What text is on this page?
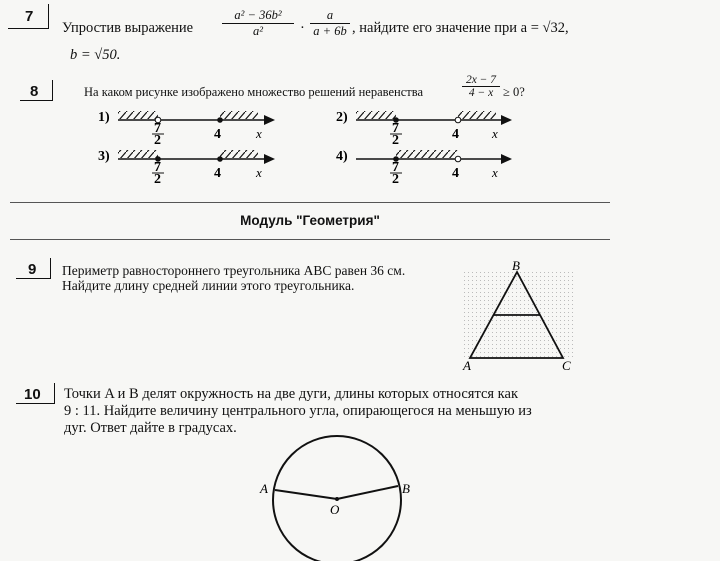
7
Упростив выражение $\frac{\text{a² − 36b²}}{\text{a²}} \cdot \frac{a}{a + 6b}$ , найдите его значение при a = √32,
b = √50.
8	На каком рисунке изображено множество решений неравенства	$\frac{2x - 7}{4 - x} \ge 0$?
1)
7
2	4	x
2)
7
2	4	x
3)
7
2	4	x
4)
7
2	4	x
B
A	C
A	B
O
Модуль "Геометрия"
9 Периметр равностороннего треугольника ABC равен 36 см.
Найдите длину средней линии этого треугольника.
10 Точки A и B делят окружность на две дуги, длины которых относятся как
9 : 11. Найдите величину центрального угла, опирающегося на меньшую из
дуг. Ответ дайте в градусах.
